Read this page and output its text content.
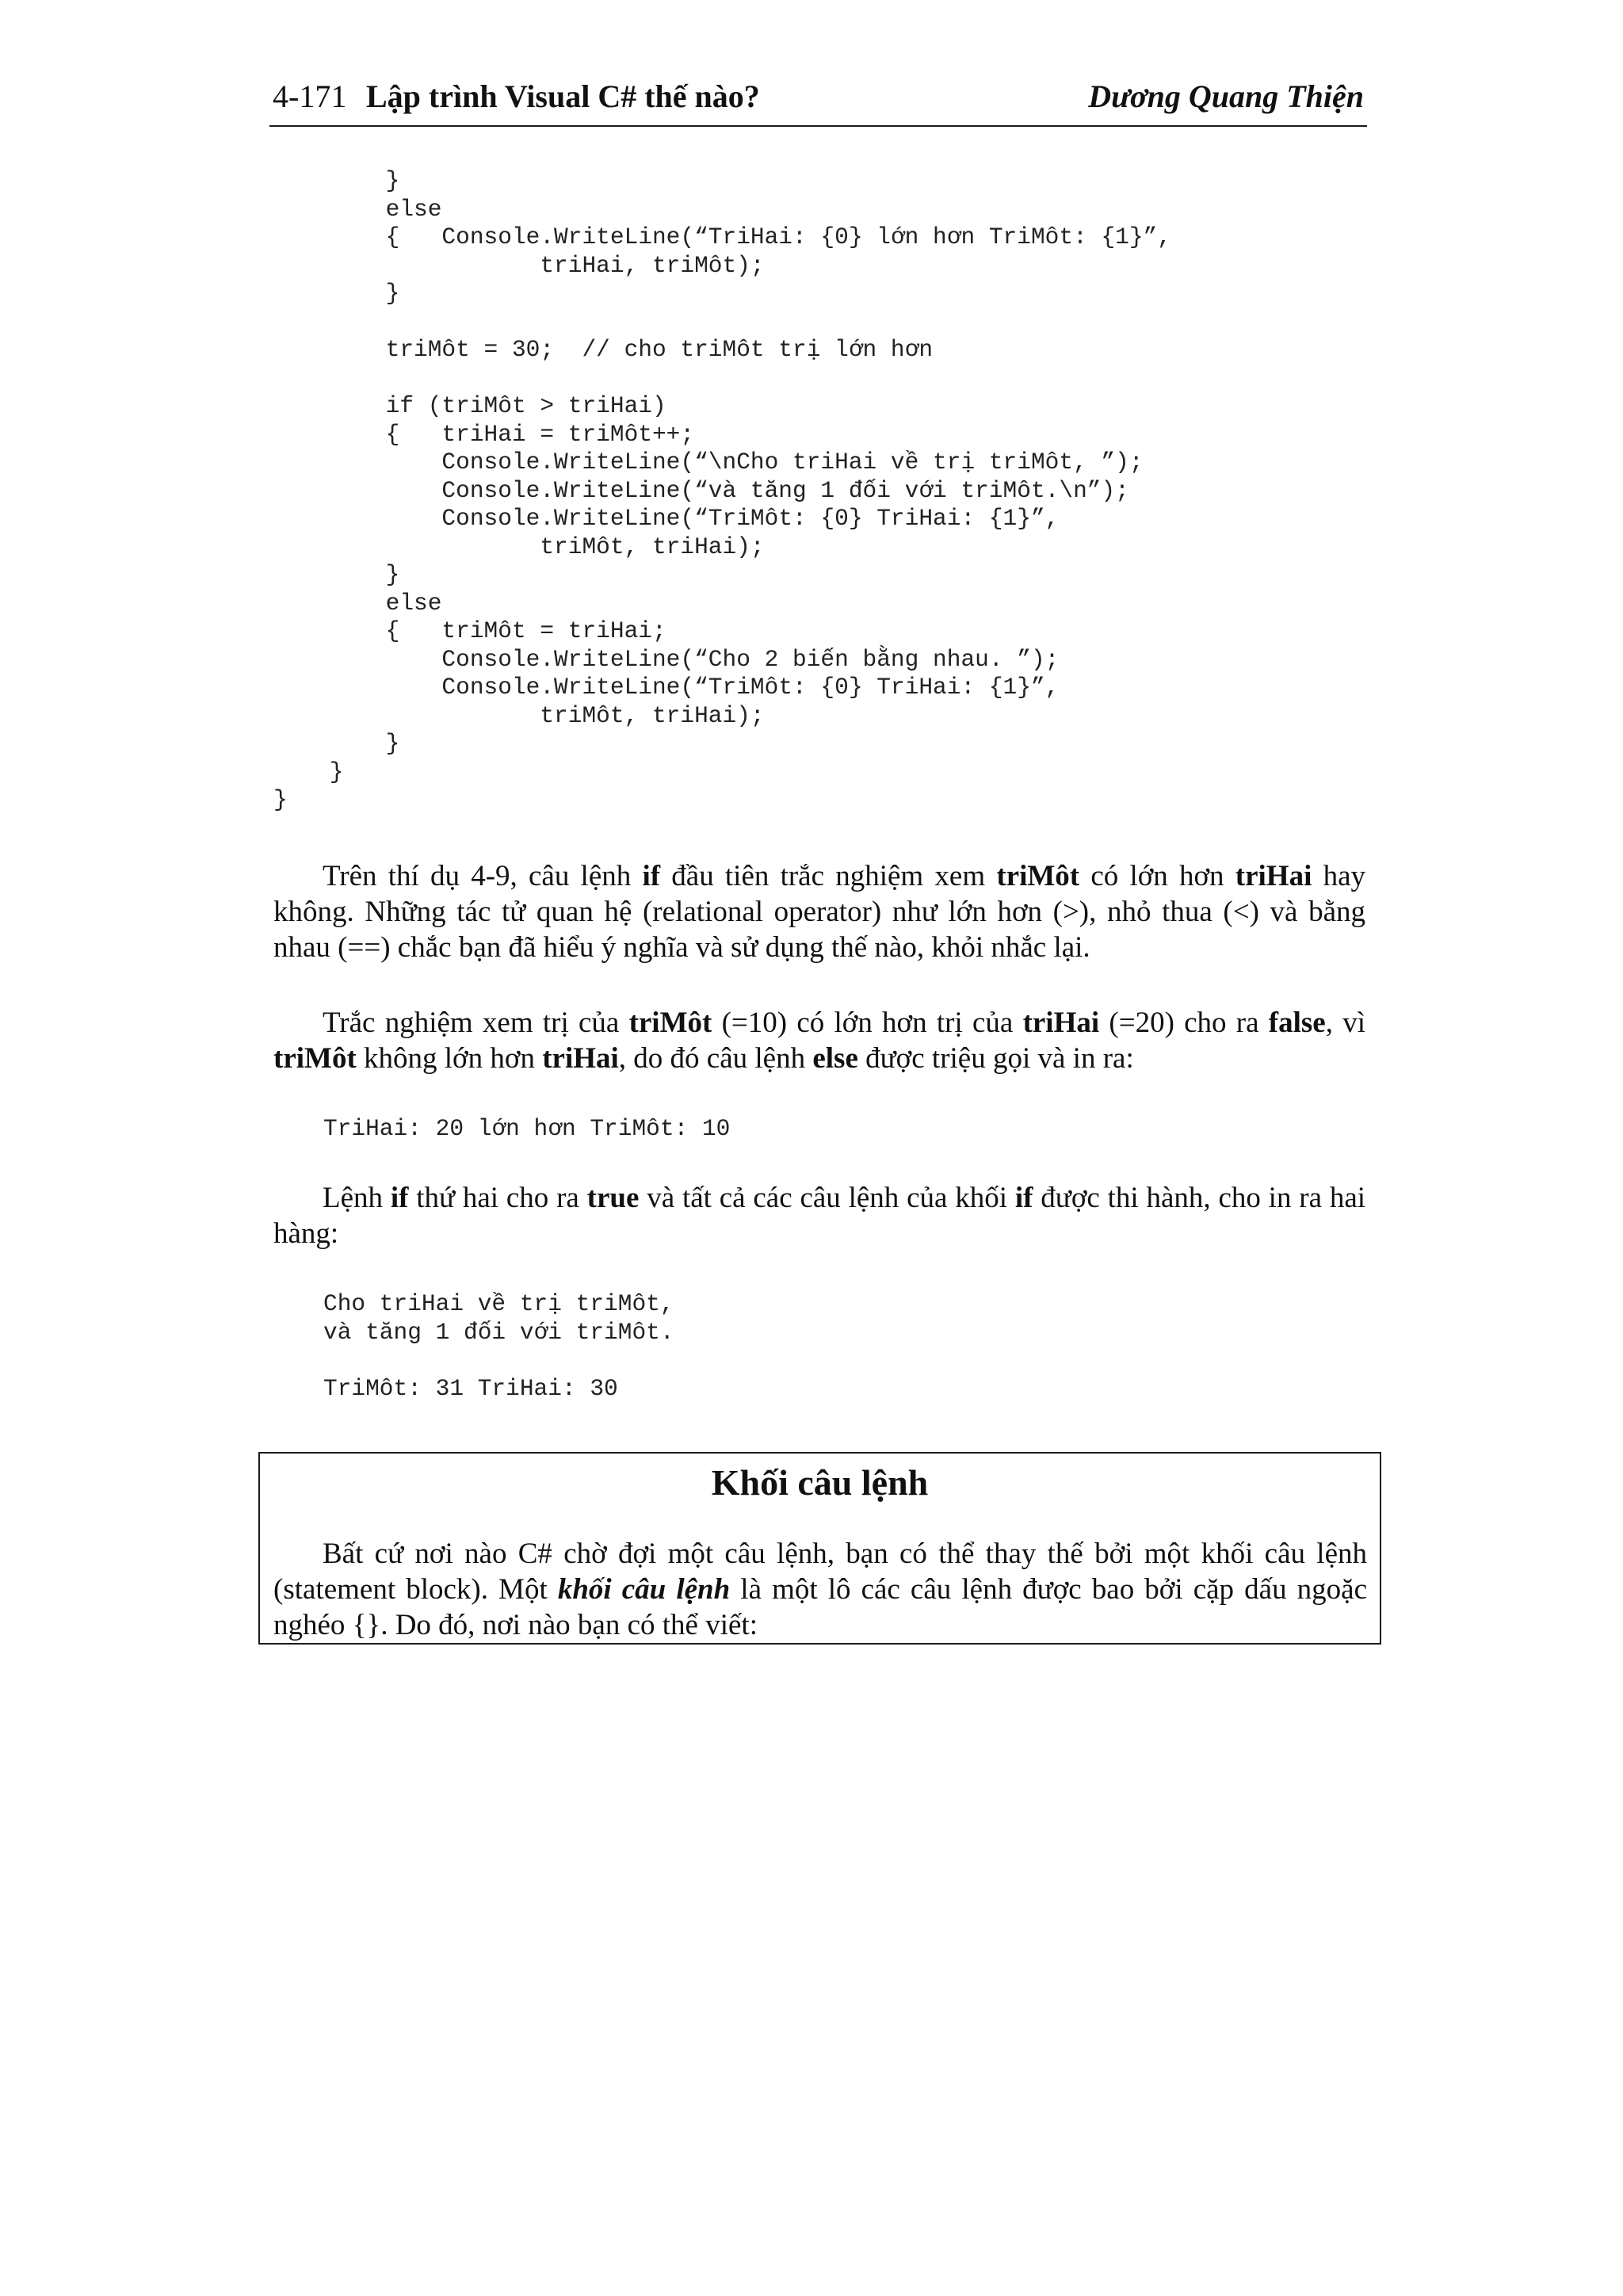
4-171 Lập trình Visual C# thế nào?	Dương Quang Thiện
}
else
{   Console.WriteLine(“TriHai: {0} lớn hơn TriMôt: {1}”,
triHai, triMôt);
}

triMôt = 30;  // cho triMôt trị lớn hơn

if (triMôt > triHai)
{   triHai = triMôt++;
Console.WriteLine(“\nCho triHai về trị triMôt, ”);
Console.WriteLine(“và tăng 1 đối với triMôt.\n”);
Console.WriteLine(“TriMôt: {0} TriHai: {1}”,
triMôt, triHai);
}
else
{   triMôt = triHai;
Console.WriteLine(“Cho 2 biến bằng nhau. ”);
Console.WriteLine(“TriMôt: {0} TriHai: {1}”,
triMôt, triHai);
}
}
}

Trên thí dụ 4-9, câu lệnh if đầu tiên trắc nghiệm xem triMôt có lớn hơn triHai hay không. Những tác tử quan hệ (relational operator) như lớn hơn (>), nhỏ thua (<) và bằng nhau (==) chắc bạn đã hiểu ý nghĩa và sử dụng thế nào, khỏi nhắc lại.

Trắc nghiệm xem trị của triMôt (=10) có lớn hơn trị của triHai (=20) cho ra false, vì triMôt không lớn hơn triHai, do đó câu lệnh else được triệu gọi và in ra:

TriHai: 20 lớn hơn TriMôt: 10

Lệnh if thứ hai cho ra true và tất cả các câu lệnh của khối if được thi hành, cho in ra hai hàng:

Cho triHai về trị triMôt,
và tăng 1 đối với triMôt.

TriMôt: 31 TriHai: 30
Khối câu lệnh

Bất cứ nơi nào C# chờ đợi một câu lệnh, bạn có thể thay thế bởi một khối câu lệnh (statement block). Một khối câu lệnh là một lô các câu lệnh được bao bởi cặp dấu ngoặc nghéo {}. Do đó, nơi nào bạn có thể viết:
